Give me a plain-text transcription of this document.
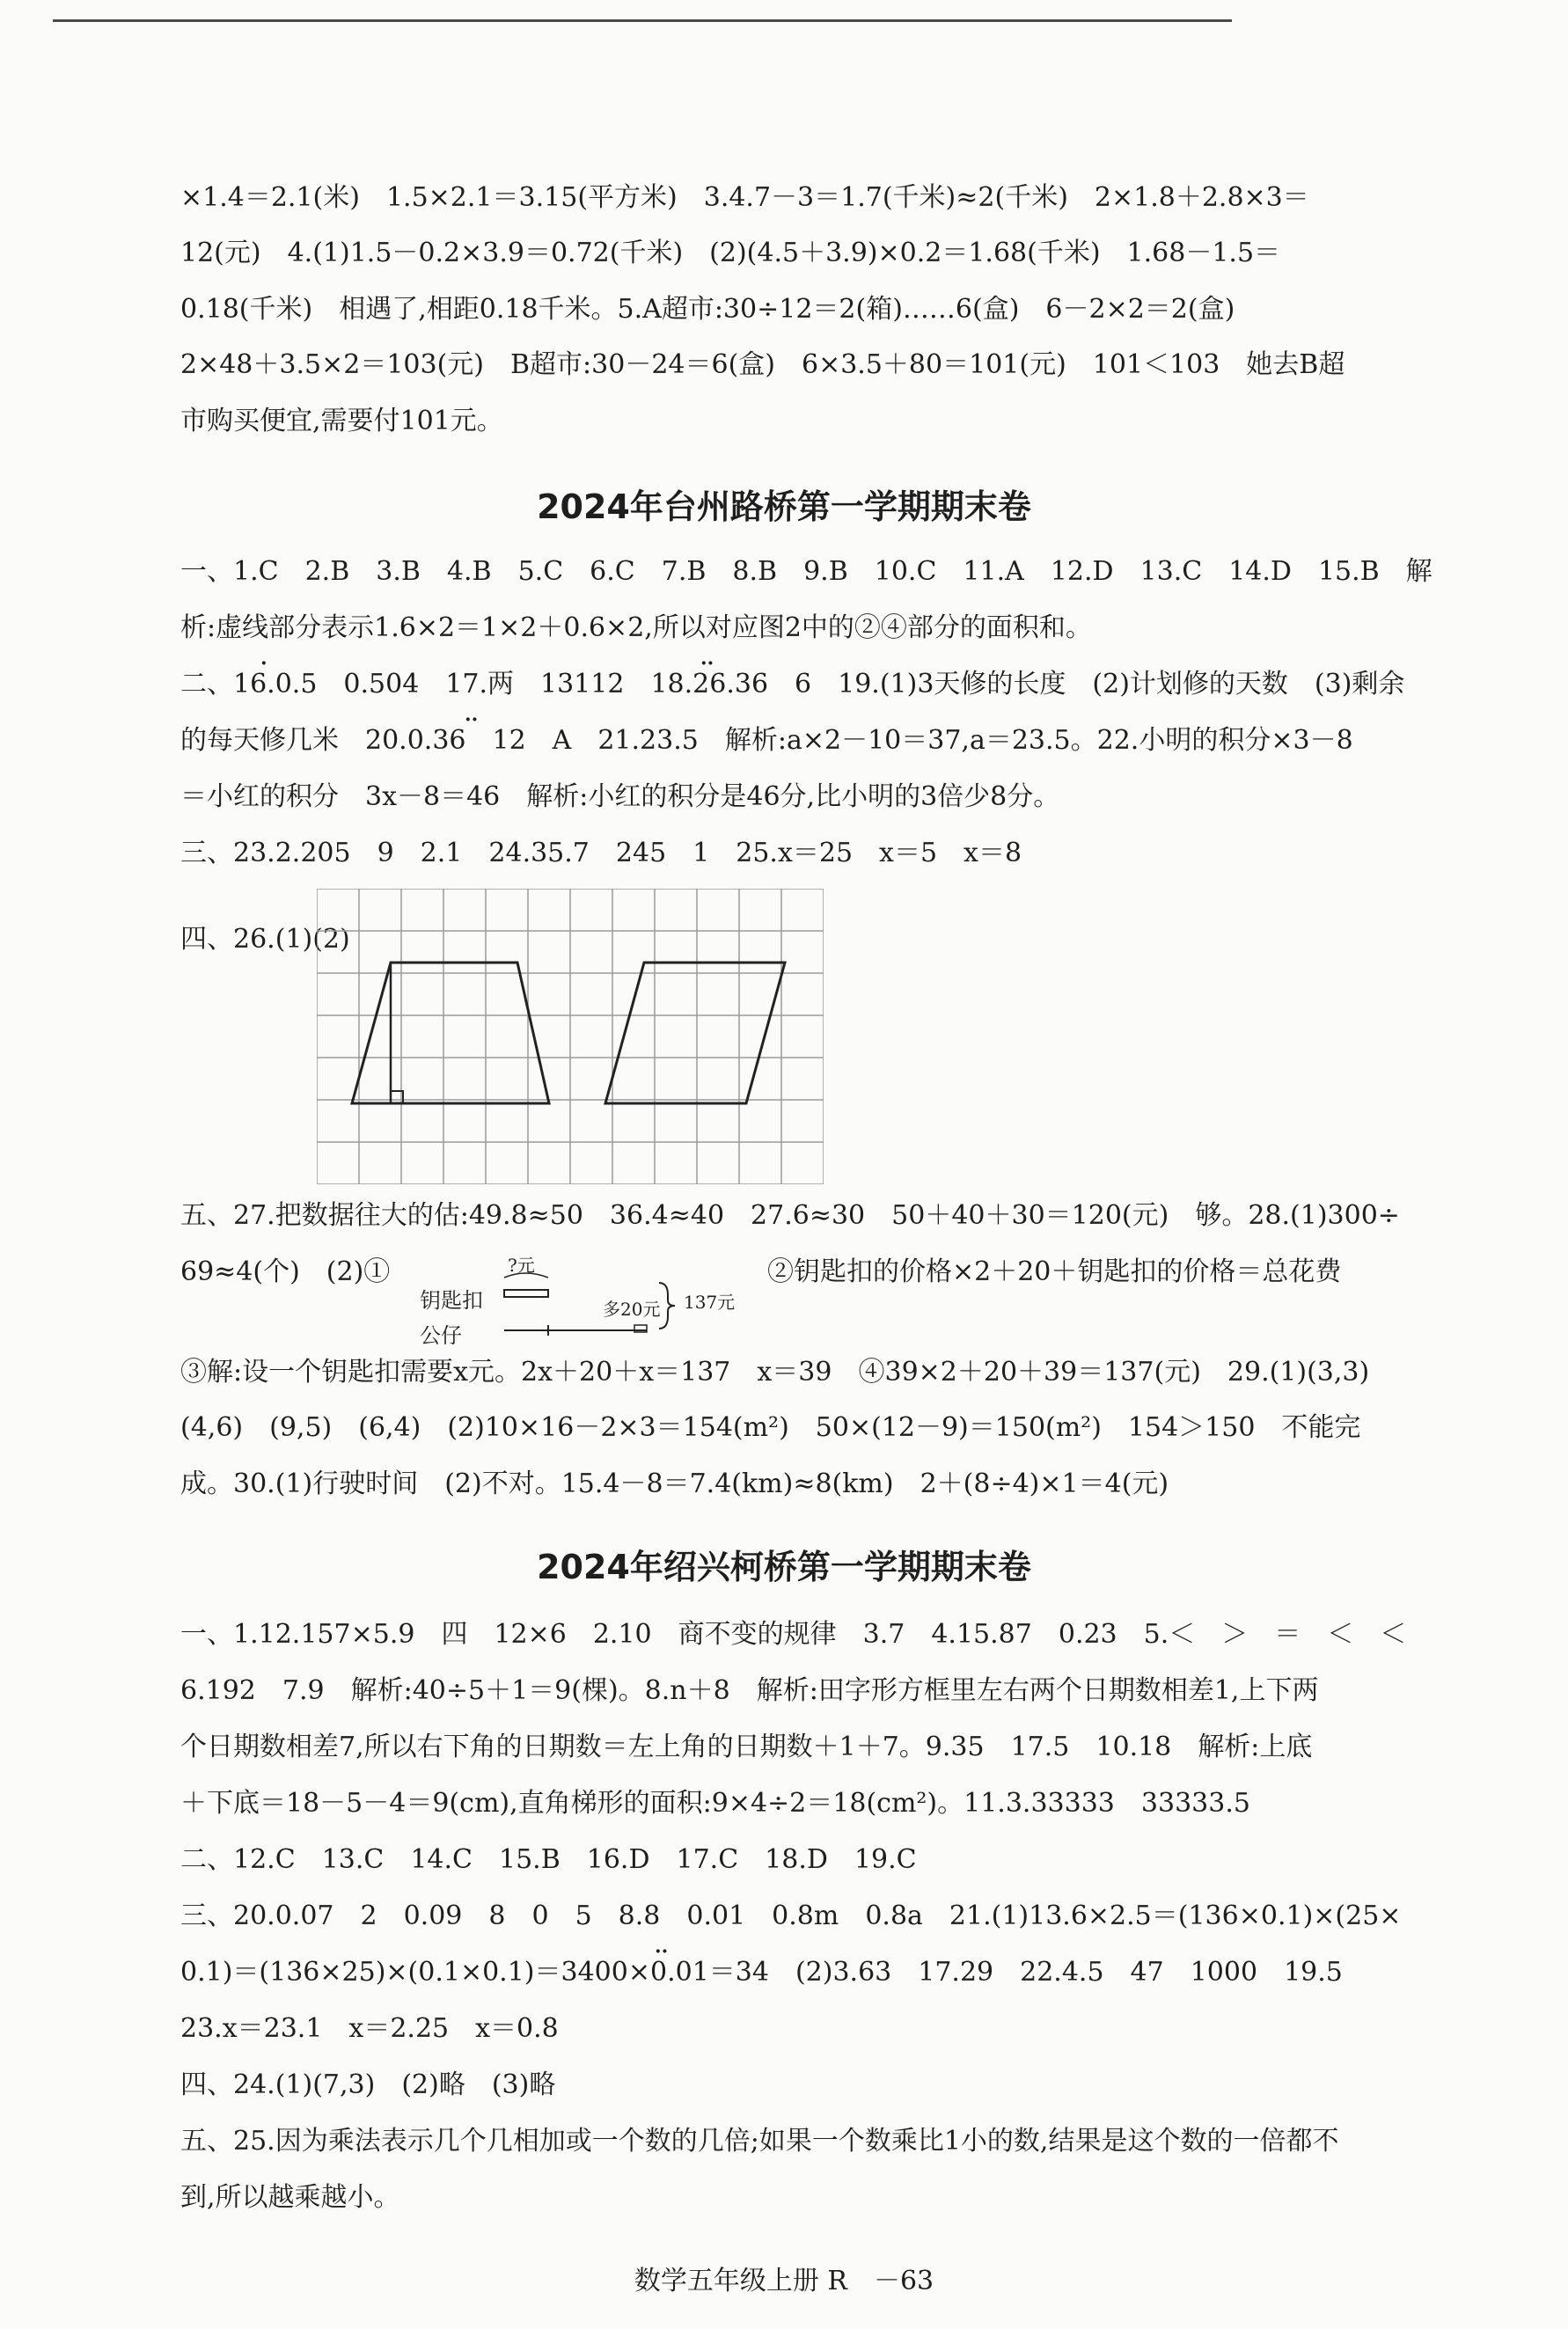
×1.4＝2.1(米)　1.5×2.1＝3.15(平方米)　3.4.7－3＝1.7(千米)≈2(千米)　2×1.8＋2.8×3＝
12(元)　4.(1)1.5－0.2×3.9＝0.72(千米)　(2)(4.5＋3.9)×0.2＝1.68(千米)　1.68－1.5＝
0.18(千米)　相遇了,相距0.18千米。5.A超市:30÷12＝2(箱)……6(盒)　6－2×2＝2(盒)
2×48＋3.5×2＝103(元)　B超市:30－24＝6(盒)　6×3.5＋80＝101(元)　101＜103　她去B超
市购买便宜,需要付101元。
2024年台州路桥第一学期期末卷
一、1.C　2.B　3.B　4.B　5.C　6.C　7.B　8.B　9.B　10.C　11.A　12.D　13.C　14.D　15.B　解
析:虚线部分表示1.6×2＝1×2＋0.6×2,所以对应图2中的②④部分的面积和。
二、16.0.5　0.504　17.两　13112　18.26.36　6　19.(1)3天修的长度　(2)计划修的天数　(3)剩余
·	··
的每天修几米　20.0.36　12　A　21.23.5　解析:a×2－10＝37,a＝23.5。22.小明的积分×3－8
··
＝小红的积分　3x－8＝46　解析:小红的积分是46分,比小明的3倍少8分。
三、23.2.205　9　2.1　24.35.7　245　1　25.x＝25　x＝5　x＝8
四、26.(1)(2)
五、27.把数据往大的估:49.8≈50　36.4≈40　27.6≈30　50＋40＋30＝120(元)　够。28.(1)300÷
69≈4(个)　(2)①	?元
钥匙扣
公仔
多20元 137元
②钥匙扣的价格×2＋20＋钥匙扣的价格＝总花费
③解:设一个钥匙扣需要x元。2x＋20＋x＝137　x＝39　④39×2＋20＋39＝137(元)　29.(1)(3,3)
(4,6)　(9,5)　(6,4)　(2)10×16－2×3＝154(m²)　50×(12－9)＝150(m²)　154＞150　不能完
成。30.(1)行驶时间　(2)不对。15.4－8＝7.4(km)≈8(km)　2＋(8÷4)×1＝4(元)
2024年绍兴柯桥第一学期期末卷
一、1.12.157×5.9　四　12×6　2.10　商不变的规律　3.7　4.15.87　0.23　5.＜　＞　＝　＜　＜
6.192　7.9　解析:40÷5＋1＝9(棵)。8.n＋8　解析:田字形方框里左右两个日期数相差1,上下两
个日期数相差7,所以右下角的日期数＝左上角的日期数＋1＋7。9.35　17.5　10.18　解析:上底
＋下底＝18－5－4＝9(cm),直角梯形的面积:9×4÷2＝18(cm²)。11.3.33333　33333.5
二、12.C　13.C　14.C　15.B　16.D　17.C　18.D　19.C
三、20.0.07　2　0.09　8　0　5　8.8　0.01　0.8m　0.8a　21.(1)13.6×2.5＝(136×0.1)×(25×
0.1)＝(136×25)×(0.1×0.1)＝3400×0.01＝34　(2)3.63　17.29　22.4.5　47　1000　19.5
··
23.x＝23.1　x＝2.25　x＝0.8
四、24.(1)(7,3)　(2)略　(3)略
五、25.因为乘法表示几个几相加或一个数的几倍;如果一个数乘比1小的数,结果是这个数的一倍都不
到,所以越乘越小。
数学五年级上册 R　－63
